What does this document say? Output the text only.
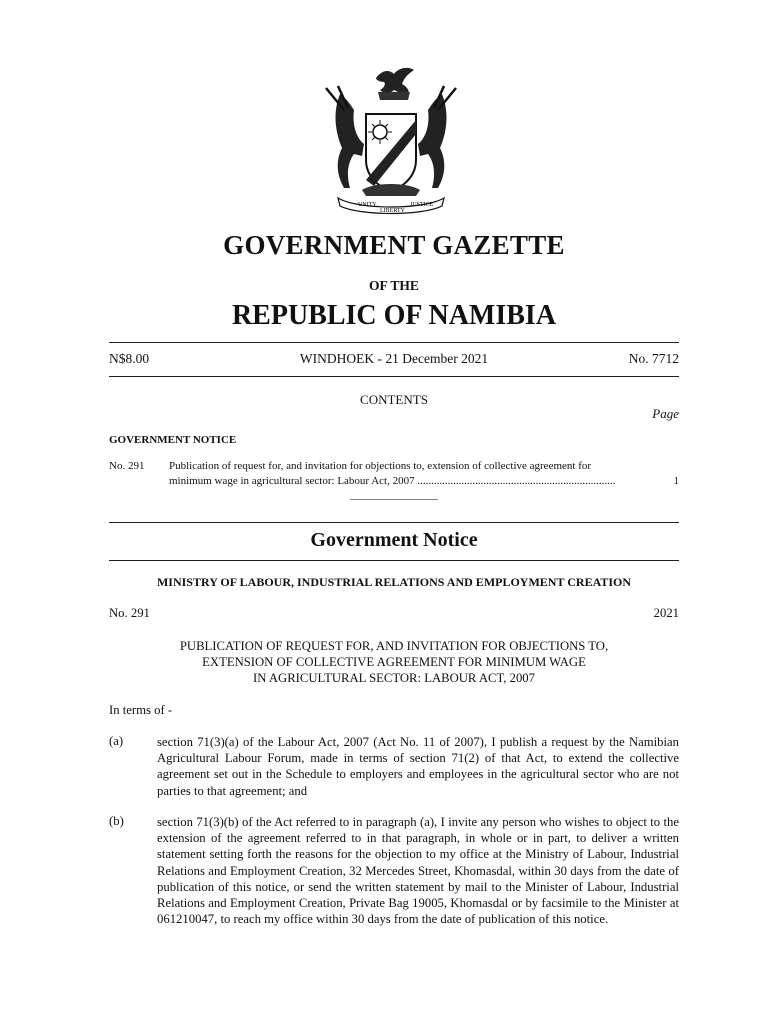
UNITY
LIBERTY
JUSTICE
GOVERNMENT GAZETTE
OF THE
REPUBLIC OF NAMIBIA
N$8.00	WINDHOEK - 21 December 2021	No. 7712
CONTENTS
Page
GOVERNMENT NOTICE
No. 291 Publication of request for, and invitation for objections to, extension of collective agreement for
minimum wage in agricultural sector: Labour Act, 2007 ........................................................................	1
________________
Government Notice
MINISTRY OF LABOUR, INDUSTRIAL RELATIONS AND EMPLOYMENT CREATION
No. 291	2021
PUBLICATION OF REQUEST FOR, AND INVITATION FOR OBJECTIONS TO,
EXTENSION OF COLLECTIVE AGREEMENT FOR MINIMUM WAGE
IN AGRICULTURAL SECTOR: LABOUR ACT, 2007
In terms of -
(a)	section 71(3)(a) of the Labour Act, 2007 (Act No. 11 of 2007), I publish a request by the Namibian Agricultural Labour Forum, made in terms of section 71(2) of that Act, to extend the collective agreement set out in the Schedule to employers and employees in the agricultural sector who are not parties to that agreement; and
(b)	section 71(3)(b) of the Act referred to in paragraph (a), I invite any person who wishes to object to the extension of the agreement referred to in that paragraph, in whole or in part, to deliver a written statement setting forth the reasons for the objection to my office at the Ministry of Labour, Industrial Relations and Employment Creation, 32 Mercedes Street, Khomasdal, within 30 days from the date of publication of this notice, or send the written statement by mail to the Minister of Labour, Industrial Relations and Employment Creation, Private Bag 19005, Khomasdal or by facsimile to the Minister at 061210047, to reach my office within 30 days from the date of publication of this notice.
